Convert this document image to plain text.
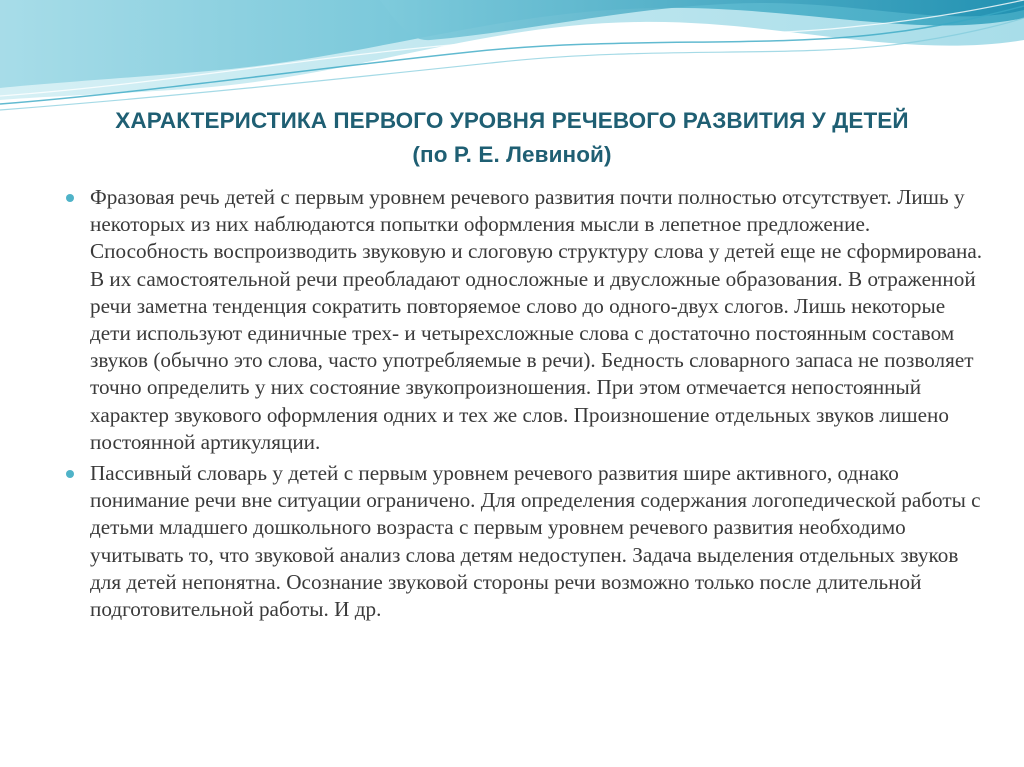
ХАРАКТЕРИСТИКА ПЕРВОГО УРОВНЯ РЕЧЕВОГО РАЗВИТИЯ У ДЕТЕЙ
(по Р. Е. Левиной)
Фразовая речь детей с первым уровнем речевого развития почти полностью отсутствует. Лишь у некоторых из них наблюдаются попытки оформления мысли в лепетное предложение. Способность воспроизводить звуковую и слоговую структуру слова у детей еще не сформирована. В их самостоятельной речи преобладают односложные и двусложные образования. В отраженной речи заметна тенденция сократить повторяемое слово до одного-двух слогов. Лишь некоторые дети используют единичные трех- и четырехсложные слова с достаточно постоянным составом звуков (обычно это слова, часто употребляемые в речи). Бедность словарного запаса не позволяет точно определить у них состояние звукопроизношения. При этом отмечается непостоянный характер звукового оформления одних и тех же слов. Произношение отдельных звуков лишено постоянной артикуляции.
Пассивный словарь у детей с первым уровнем речевого развития шире активного, однако понимание речи вне ситуации ограничено. Для определения содержания логопедической работы с детьми младшего дошкольного возраста с первым уровнем речевого развития необходимо учитывать то, что звуковой анализ слова детям недоступен. Задача выделения отдельных звуков для детей непонятна. Осознание звуковой стороны речи возможно только после длительной подготовительной работы. И др.
